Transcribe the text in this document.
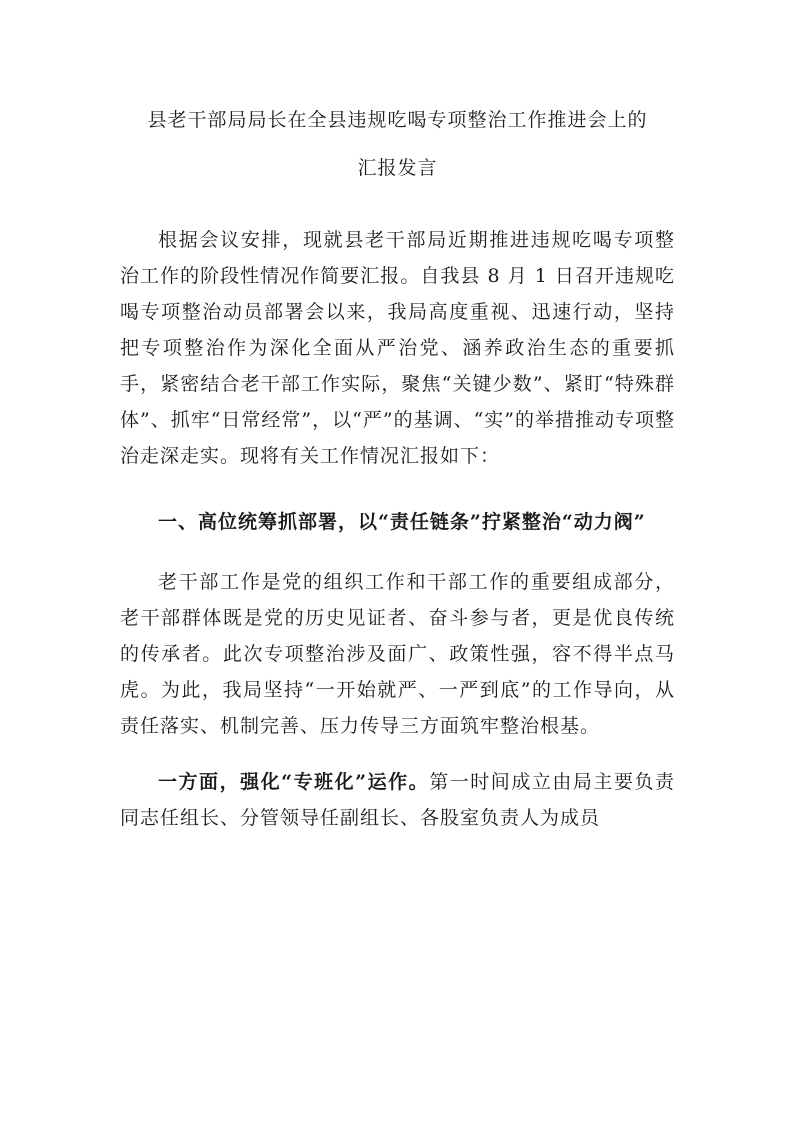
县老干部局局长在全县违规吃喝专项整治工作推进会上的
汇报发言

根据会议安排，现就县老干部局近期推进违规吃喝专项整治工作的阶段性情况作简要汇报。自我县 8 月 1 日召开违规吃喝专项整治动员部署会以来，我局高度重视、迅速行动，坚持把专项整治作为深化全面从严治党、涵养政治生态的重要抓手，紧密结合老干部工作实际，聚焦“关键少数”、紧盯“特殊群体”、抓牢“日常经常”，以“严”的基调、“实”的举措推动专项整治走深走实。现将有关工作情况汇报如下：

一、高位统筹抓部署，以“责任链条”拧紧整治“动力阀”

老干部工作是党的组织工作和干部工作的重要组成部分，老干部群体既是党的历史见证者、奋斗参与者，更是优良传统的传承者。此次专项整治涉及面广、政策性强，容不得半点马虎。为此，我局坚持“一开始就严、一严到底”的工作导向，从责任落实、机制完善、压力传导三方面筑牢整治根基。

一方面，强化“专班化”运作。第一时间成立由局主要负责同志任组长、分管领导任副组长、各股室负责人为成员
